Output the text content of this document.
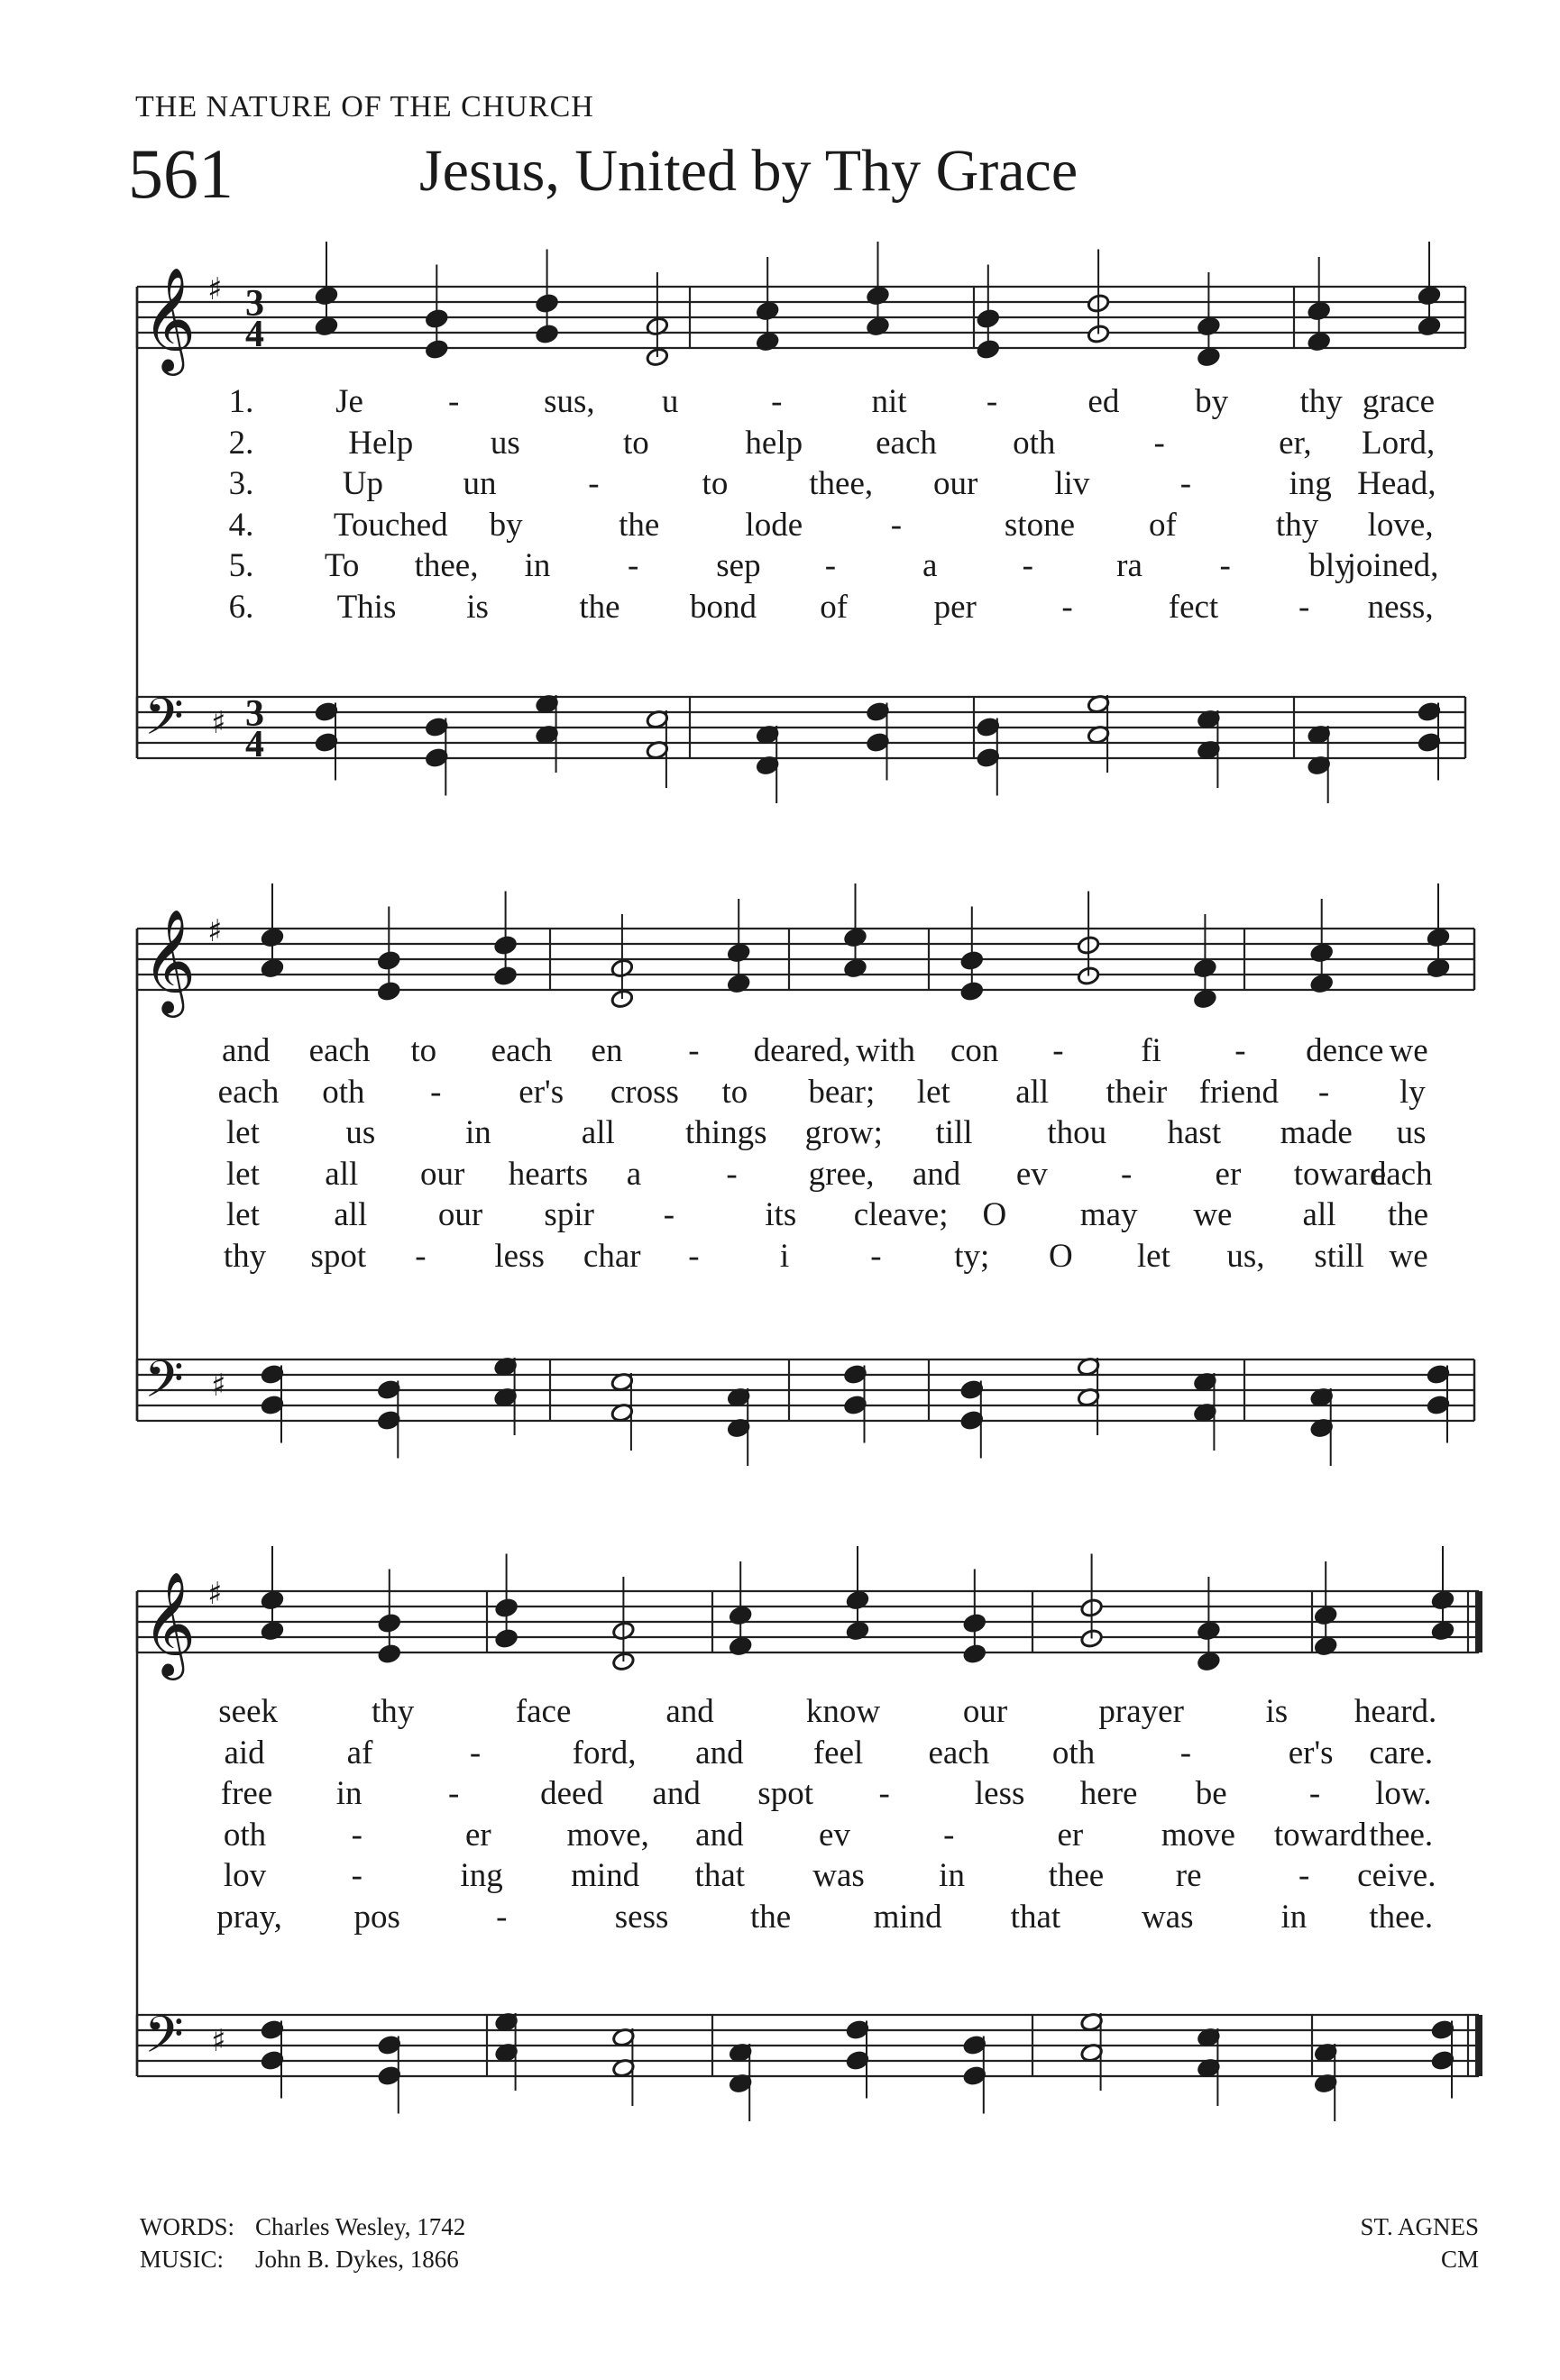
THE NATURE OF THE CHURCH
561	Jesus, United by Thy Grace
𝄞 ♯ 3
4
𝄢 ♯ 3
4
𝄞 ♯
𝄢 ♯
𝄞 ♯
𝄢 ♯
1. Je	-	sus, u	-	nit -	ed by thy grace
2.	Help us	to	help each oth	-	er, Lord,
3.	Up un	-	to thee, our liv	-	ing Head,
4. Touched by	the	lode	-	stone of	thy love,
5. To thee, in - sep -	a	- ra - bly
joined,
6. This is	the bond of	per	-	fect - ness,
and each to each en - deared, with con - fi - dence we
each oth - er's cross to bear; let all their friend - ly
let	us	in	all things grow; till thou hast made us
let all our hearts a	- gree, and ev - er toward
each
let all our spir -	its cleave; O may we all the
thy spot - less char - i - ty; O let us, still we
seek	thy	face	and	know our	prayer is heard.
aid af	-	ford, and feel each oth	-	er's care.
free in	- deed and spot -	less here be - low.
oth	-	er move, and ev	-	er move toward thee.
lov	-	ing mind that was in	thee re	- ceive.
pray, pos	-	sess the mind that was	in thee.
WORDS: Charles Wesley, 1742
MUSIC: John B. Dykes, 1866
ST. AGNES
CM
